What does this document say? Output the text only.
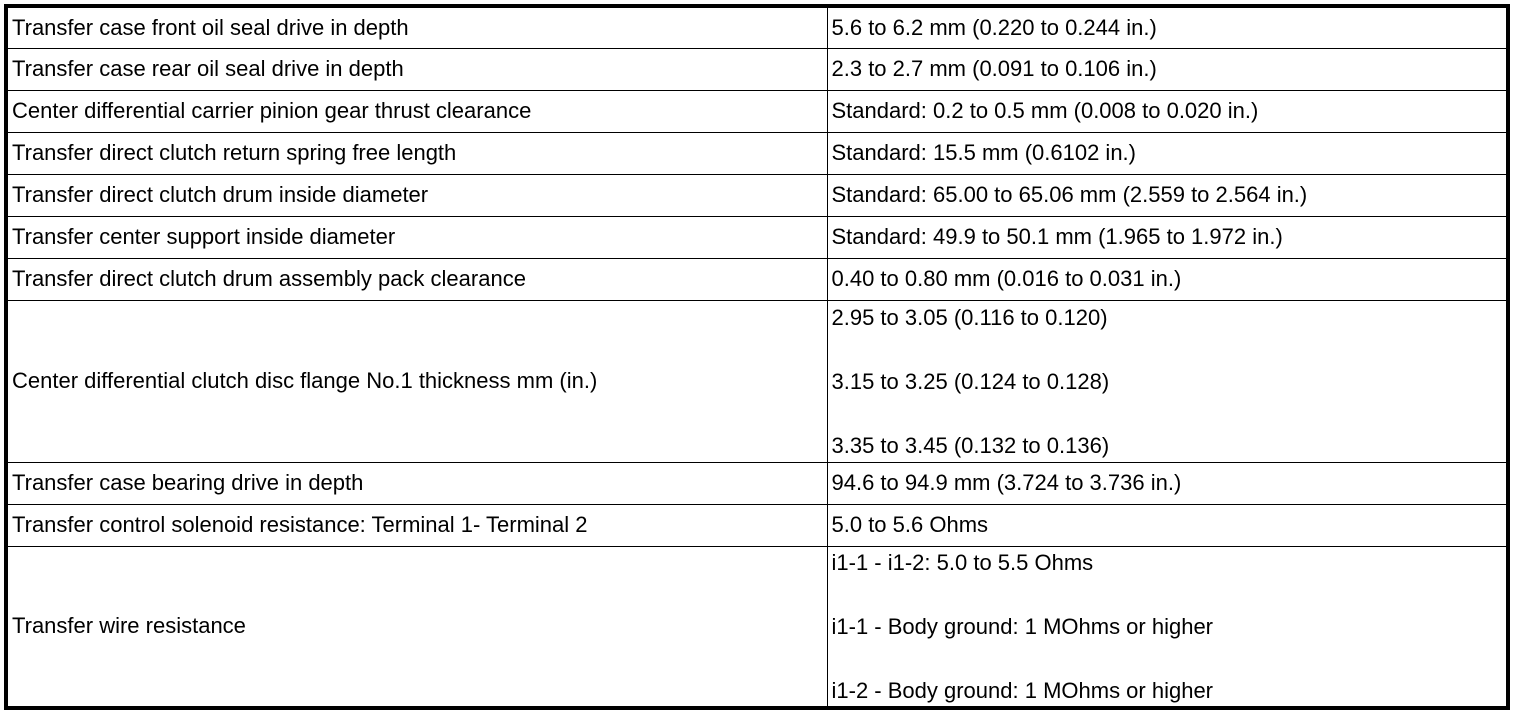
Transfer case front oil seal drive in depth	5.6 to 6.2 mm (0.220 to 0.244 in.)
Transfer case rear oil seal drive in depth	2.3 to 2.7 mm (0.091 to 0.106 in.)
Center differential carrier pinion gear thrust clearance	Standard: 0.2 to 0.5 mm (0.008 to 0.020 in.)
Transfer direct clutch return spring free length	Standard: 15.5 mm (0.6102 in.)
Transfer direct clutch drum inside diameter	Standard: 65.00 to 65.06 mm (2.559 to 2.564 in.)
Transfer center support inside diameter	Standard: 49.9 to 50.1 mm (1.965 to 1.972 in.)
Transfer direct clutch drum assembly pack clearance	0.40 to 0.80 mm (0.016 to 0.031 in.)
Center differential clutch disc flange No.1 thickness mm (in.)	2.95 to 3.05 (0.116 to 0.120)
3.15 to 3.25 (0.124 to 0.128)
3.35 to 3.45 (0.132 to 0.136)

Transfer case bearing drive in depth	94.6 to 94.9 mm (3.724 to 3.736 in.)
Transfer control solenoid resistance: Terminal 1- Terminal 2	5.0 to 5.6 Ohms
Transfer wire resistance	i1-1 - i1-2: 5.0 to 5.5 Ohms
i1-1 - Body ground: 1 MOhms or higher
i1-2 - Body ground: 1 MOhms or higher
